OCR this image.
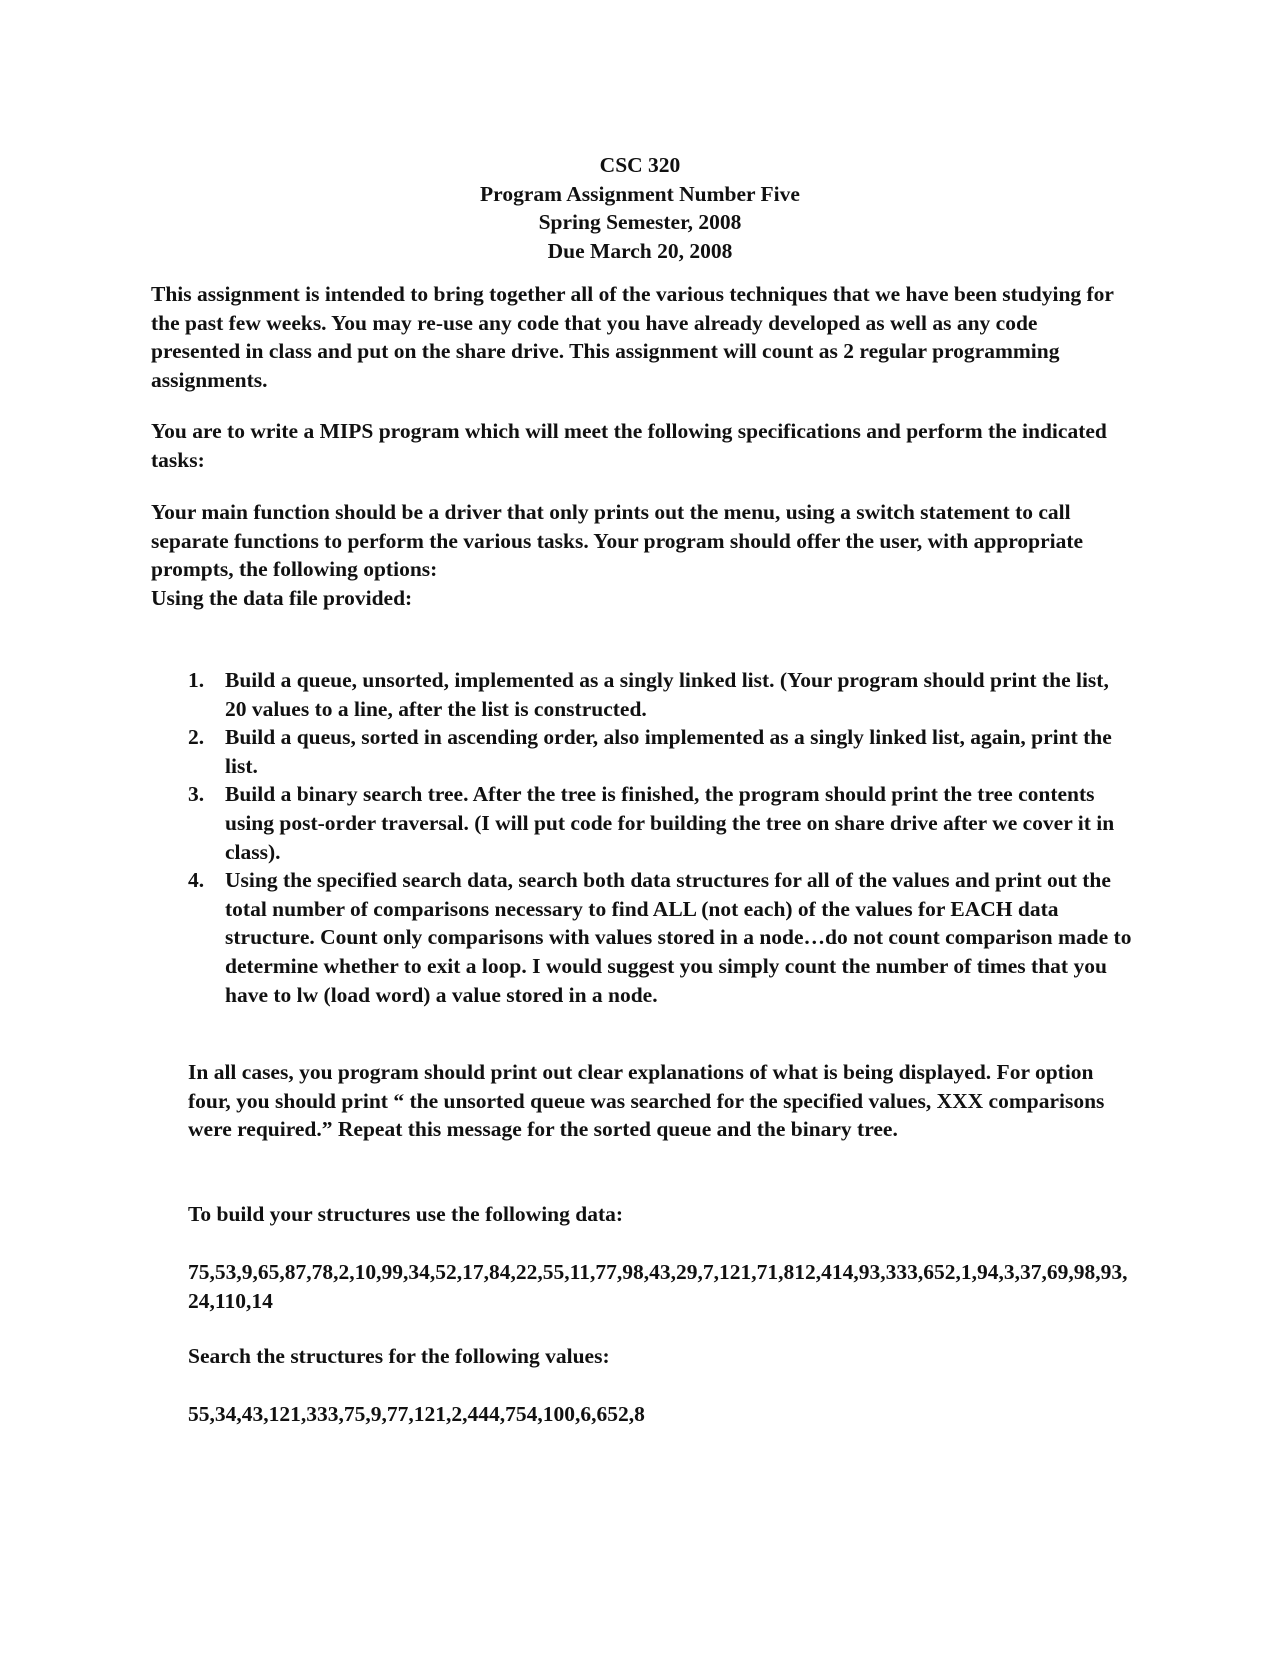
CSC 320
Program Assignment Number Five
Spring Semester, 2008
Due March 20, 2008

This assignment is intended to bring together all of the various techniques that we have been studying for the past few weeks. You may re-use any code that you have already developed as well as any code presented in class and put on the share drive. This assignment will count as 2 regular programming assignments.

You are to write a MIPS program which will meet the following specifications and perform the indicated tasks:

Your main function should be a driver that only prints out the menu, using a switch statement to call separate functions to perform the various tasks. Your program should offer the user, with appropriate prompts, the following options:

Using the data file provided:

1. Build a queue, unsorted, implemented as a singly linked list. (Your program should print the list, 20 values to a line, after the list is constructed.
2. Build a queus, sorted in ascending order, also implemented as a singly linked list, again, print the list.
3. Build a binary search tree. After the tree is finished, the program should print the tree contents using post-order traversal. (I will put code for building the tree on share drive after we cover it in class).
4. Using the specified search data, search both data structures for all of the values and print out the total number of comparisons necessary to find ALL (not each) of the values for EACH data structure. Count only comparisons with values stored in a node…do not count comparison made to determine whether to exit a loop. I would suggest you simply count the number of times that you have to lw (load word) a value stored in a node.

In all cases, you program should print out clear explanations of what is being displayed. For option four, you should print “ the unsorted queue was searched for the specified values, XXX comparisons were required.” Repeat this message for the sorted queue and the binary tree.

To build your structures use the following data:

75,53,9,65,87,78,2,10,99,34,52,17,84,22,55,11,77,98,43,29,7,121,71,812,414,93,333,652,1,94,3,37,69,98,93,24,110,14

Search the structures for the following values:

55,34,43,121,333,75,9,77,121,2,444,754,100,6,652,8
